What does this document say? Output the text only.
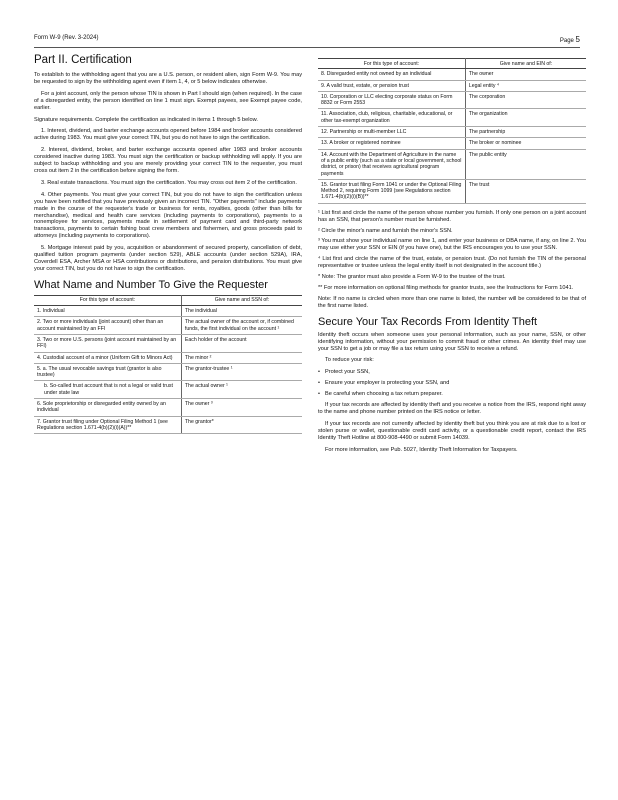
Form W-9 (Rev. 3-2024)	Page 5
Part II. Certification

To establish to the withholding agent that you are a U.S. person, or resident alien, sign Form W-9. You may be requested to sign by the withholding agent even if item 1, 4, or 5 below indicates otherwise.

For a joint account, only the person whose TIN is shown in Part I should sign (when required). In the case of a disregarded entity, the person identified on line 1 must sign. Exempt payees, see Exempt payee code, earlier.

Signature requirements. Complete the certification as indicated in items 1 through 5 below.

1. Interest, dividend, and barter exchange accounts opened before 1984 and broker accounts considered active during 1983. You must give your correct TIN, but you do not have to sign the certification.

2. Interest, dividend, broker, and barter exchange accounts opened after 1983 and broker accounts considered inactive during 1983. You must sign the certification or backup withholding will apply. If you are subject to backup withholding and you are merely providing your correct TIN to the requester, you must cross out item 2 in the certification before signing the form.

3. Real estate transactions. You must sign the certification. You may cross out item 2 of the certification.

4. Other payments. You must give your correct TIN, but you do not have to sign the certification unless you have been notified that you have previously given an incorrect TIN. "Other payments" include payments made in the course of the requester's trade or business for rents, royalties, goods (other than bills for merchandise), medical and health care services (including payments to corporations), payments to a nonemployee for services, payments made in settlement of payment card and third-party network transactions, payments to certain fishing boat crew members and fishermen, and gross proceeds paid to attorneys (including payments to corporations).

5. Mortgage interest paid by you, acquisition or abandonment of secured property, cancellation of debt, qualified tuition program payments (under section 529), ABLE accounts (under section 529A), IRA, Coverdell ESA, Archer MSA or HSA contributions or distributions, and pension distributions. You must give your correct TIN, but you do not have to sign the certification.

What Name and Number To Give the Requester
For this type of account:	Give name and SSN of:
1. Individual	The individual
2. Two or more individuals (joint account) other than an account maintained by an FFI	The actual owner of the account or, if combined funds, the first individual on the account ¹
3. Two or more U.S. persons (joint account maintained by an FFI)	Each holder of the account
4. Custodial account of a minor (Uniform Gift to Minors Act)	The minor ²
5. a. The usual revocable savings trust (grantor is also trustee)	The grantor-trustee ¹
b. So-called trust account that is not a legal or valid trust under state law	The actual owner ¹
6. Sole proprietorship or disregarded entity owned by an individual	The owner ³
7. Grantor trust filing under Optional Filing Method 1 (see Regulations section 1.671-4(b)(2)(i)(A))**	The grantor*
For this type of account:	Give name and EIN of:
8. Disregarded entity not owned by an individual	The owner
9. A valid trust, estate, or pension trust	Legal entity ⁴
10. Corporation or LLC electing corporate status on Form 8832 or Form 2553	The corporation
11. Association, club, religious, charitable, educational, or other tax-exempt organization	The organization
12. Partnership or multi-member LLC	The partnership
13. A broker or registered nominee	The broker or nominee
14. Account with the Department of Agriculture in the name of a public entity (such as a state or local government, school district, or prison) that receives agricultural program payments	The public entity
15. Grantor trust filing Form 1041 or under the Optional Filing Method 2, requiring Form 1099 (see Regulations section 1.671-4(b)(2)(i)(B))**	The trust

¹ List first and circle the name of the person whose number you furnish. If only one person on a joint account has an SSN, that person's number must be furnished.

² Circle the minor's name and furnish the minor's SSN.

³ You must show your individual name on line 1, and enter your business or DBA name, if any, on line 2. You may use either your SSN or EIN (if you have one), but the IRS encourages you to use your SSN.

⁴ List first and circle the name of the trust, estate, or pension trust. (Do not furnish the TIN of the personal representative or trustee unless the legal entity itself is not designated in the account title.)

* Note: The grantor must also provide a Form W-9 to the trustee of the trust.

** For more information on optional filing methods for grantor trusts, see the Instructions for Form 1041.

Note: If no name is circled when more than one name is listed, the number will be considered to be that of the first name listed.

Secure Your Tax Records From Identity Theft

Identity theft occurs when someone uses your personal information, such as your name, SSN, or other identifying information, without your permission to commit fraud or other crimes. An identity thief may use your SSN to get a job or may file a tax return using your SSN to receive a refund.

To reduce your risk:

• Protect your SSN,
• Ensure your employer is protecting your SSN, and
• Be careful when choosing a tax return preparer.

If your tax records are affected by identity theft and you receive a notice from the IRS, respond right away to the name and phone number printed on the IRS notice or letter.

If your tax records are not currently affected by identity theft but you think you are at risk due to a lost or stolen purse or wallet, questionable credit card activity, or a questionable credit report, contact the IRS Identity Theft Hotline at 800-908-4490 or submit Form 14039.

For more information, see Pub. 5027, Identity Theft Information for Taxpayers.
